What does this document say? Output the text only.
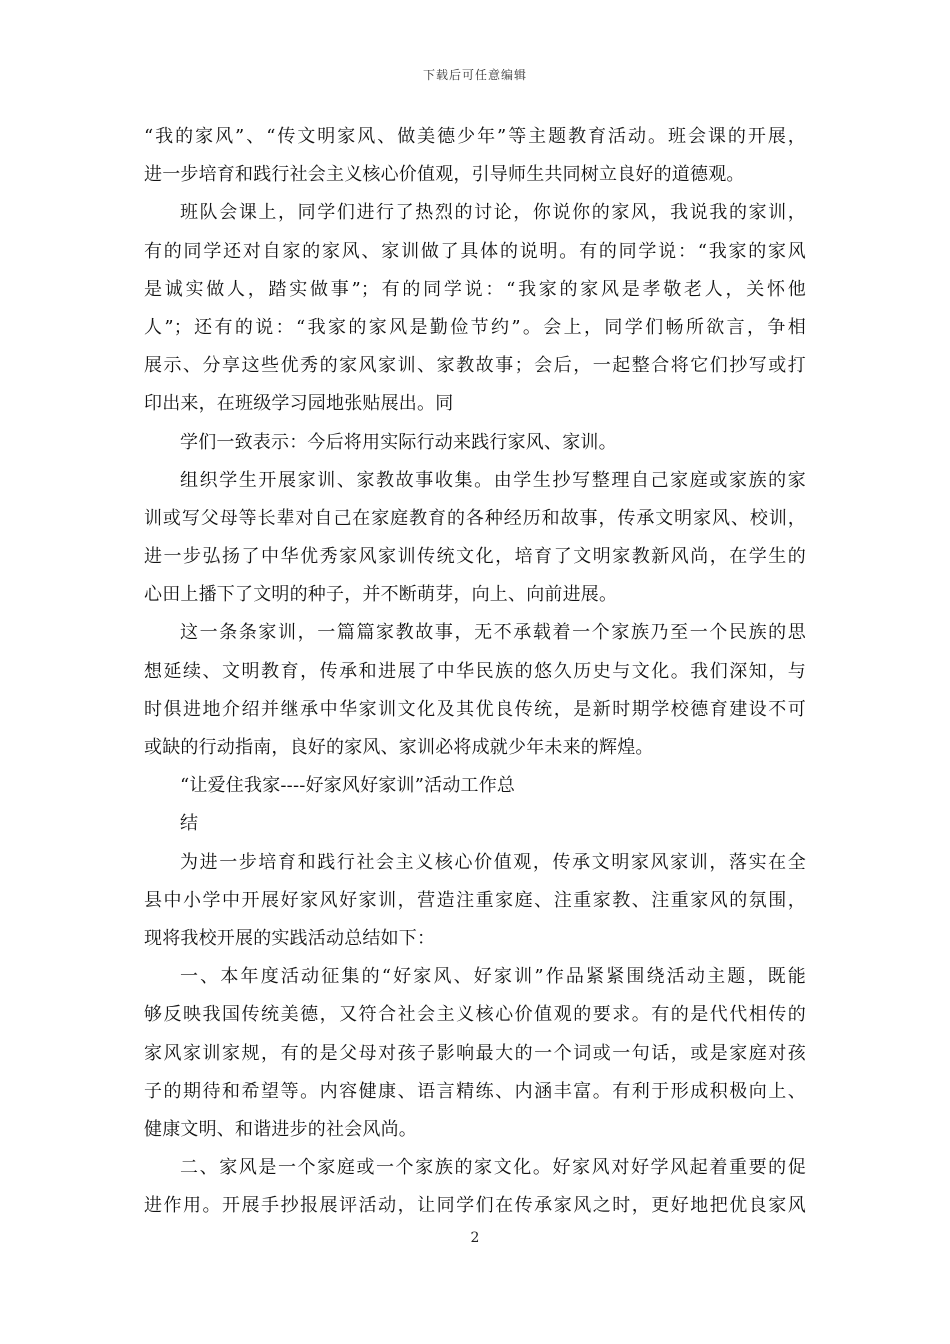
下载后可任意编辑
“我的家风”、“传文明家风、做美德少年”等主题教育活动。班会课的开展，
进一步培育和践行社会主义核心价值观，引导师生共同树立良好的道德观。
班队会课上，同学们进行了热烈的讨论，你说你的家风，我说我的家训，
有的同学还对自家的家风、家训做了具体的说明。有的同学说：“我家的家风
是诚实做人，踏实做事”；有的同学说：“我家的家风是孝敬老人，关怀他
人”；还有的说：“我家的家风是勤俭节约”。会上，同学们畅所欲言，争相
展示、分享这些优秀的家风家训、家教故事；会后，一起整合将它们抄写或打
印出来，在班级学习园地张贴展出。同
学们一致表示：今后将用实际行动来践行家风、家训。
组织学生开展家训、家教故事收集。由学生抄写整理自己家庭或家族的家
训或写父母等长辈对自己在家庭教育的各种经历和故事，传承文明家风、校训，
进一步弘扬了中华优秀家风家训传统文化，培育了文明家教新风尚，在学生的
心田上播下了文明的种子，并不断萌芽，向上、向前进展。
这一条条家训，一篇篇家教故事，无不承载着一个家族乃至一个民族的思
想延续、文明教育，传承和进展了中华民族的悠久历史与文化。我们深知，与
时俱进地介绍并继承中华家训文化及其优良传统，是新时期学校德育建设不可
或缺的行动指南，良好的家风、家训必将成就少年未来的辉煌。
“让爱住我家----好家风好家训”活动工作总
结
为进一步培育和践行社会主义核心价值观，传承文明家风家训，落实在全
县中小学中开展好家风好家训，营造注重家庭、注重家教、注重家风的氛围，
现将我校开展的实践活动总结如下：
一、本年度活动征集的“好家风、好家训”作品紧紧围绕活动主题，既能
够反映我国传统美德，又符合社会主义核心价值观的要求。有的是代代相传的
家风家训家规，有的是父母对孩子影响最大的一个词或一句话，或是家庭对孩
子的期待和希望等。内容健康、语言精练、内涵丰富。有利于形成积极向上、
健康文明、和谐进步的社会风尚。
二、家风是一个家庭或一个家族的家文化。好家风对好学风起着重要的促
进作用。开展手抄报展评活动，让同学们在传承家风之时，更好地把优良家风
2
